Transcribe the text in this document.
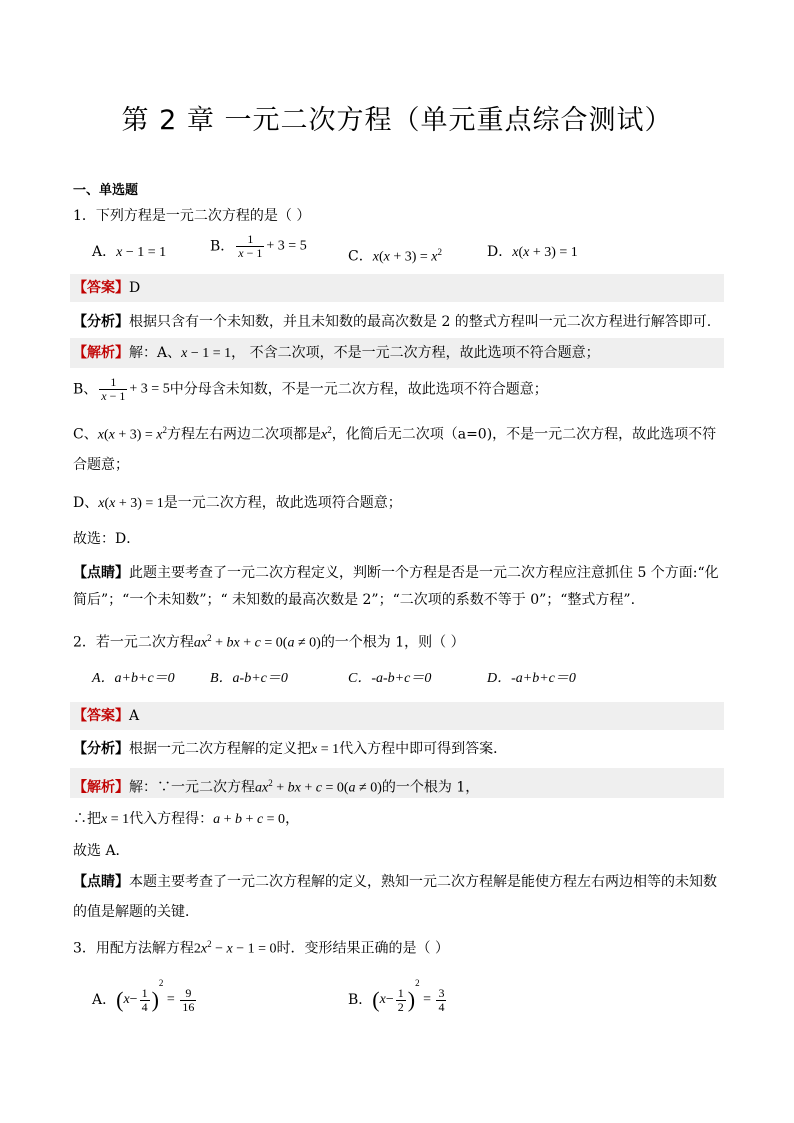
第 2 章 一元二次方程（单元重点综合测试）
一、单选题
1．下列方程是一元二次方程的是（ ）
A．x − 1 = 1	B． $\frac{1}{x - 1} + 3 = 5$
C．$x(x + 3) = x^2$	D．x(x + 3) = 1
【答案】D
【分析】根据只含有一个未知数，并且未知数的最高次数是 2 的整式方程叫一元二次方程进行解答即可.
【解析】解：A、x − 1 = 1， 不含二次项，不是一元二次方程，故此选项不符合题意；
B、 $\frac{1}{x - 1} + 3 = 5$中分母含未知数，不是一元二次方程，故此选项不符合题意；
C、$x(x + 3) = x^2$方程左右两边二次项都是$x^2$，化简后无二次项（a=0)，不是一元二次方程，故此选项不符
合题意；
D、x(x + 3) = 1是一元二次方程，故此选项符合题意；
故选：D．
【点睛】此题主要考查了一元二次方程定义，判断一个方程是否是一元二次方程应注意抓住 5 个方面:“化
简后”；“一个未知数”；“ 未知数的最高次数是 2”；“二次项的系数不等于 0”；“整式方程”.
2．若一元二次方程$ax^2$ + bx + c = 0(a ≠ 0)的一个根为 1，则（ ）
A．a+b+c＝0	B．a-b+c＝0	C．-a-b+c＝0	D．-a+b+c＝0
【答案】A
【分析】根据一元二次方程解的定义把x = 1代入方程中即可得到答案．
【解析】解：∵一元二次方程$ax^2$ + bx + c = 0(a ≠ 0)的一个根为 1，
∴把x = 1代入方程得：a + b + c = 0，
故选 A．
【点睛】本题主要考查了一元二次方程解的定义，熟知一元二次方程解是能使方程左右两边相等的未知数
的值是解题的关键．
3．用配方法解方程$2x^2 - x - 1 = 0$时．变形结果正确的是（ ）
A．$(x- \frac{1}{4} )^2 = \frac{9}{16}$	B．$(x- \frac{1}{2} )^2 = \frac{3}{4}$
